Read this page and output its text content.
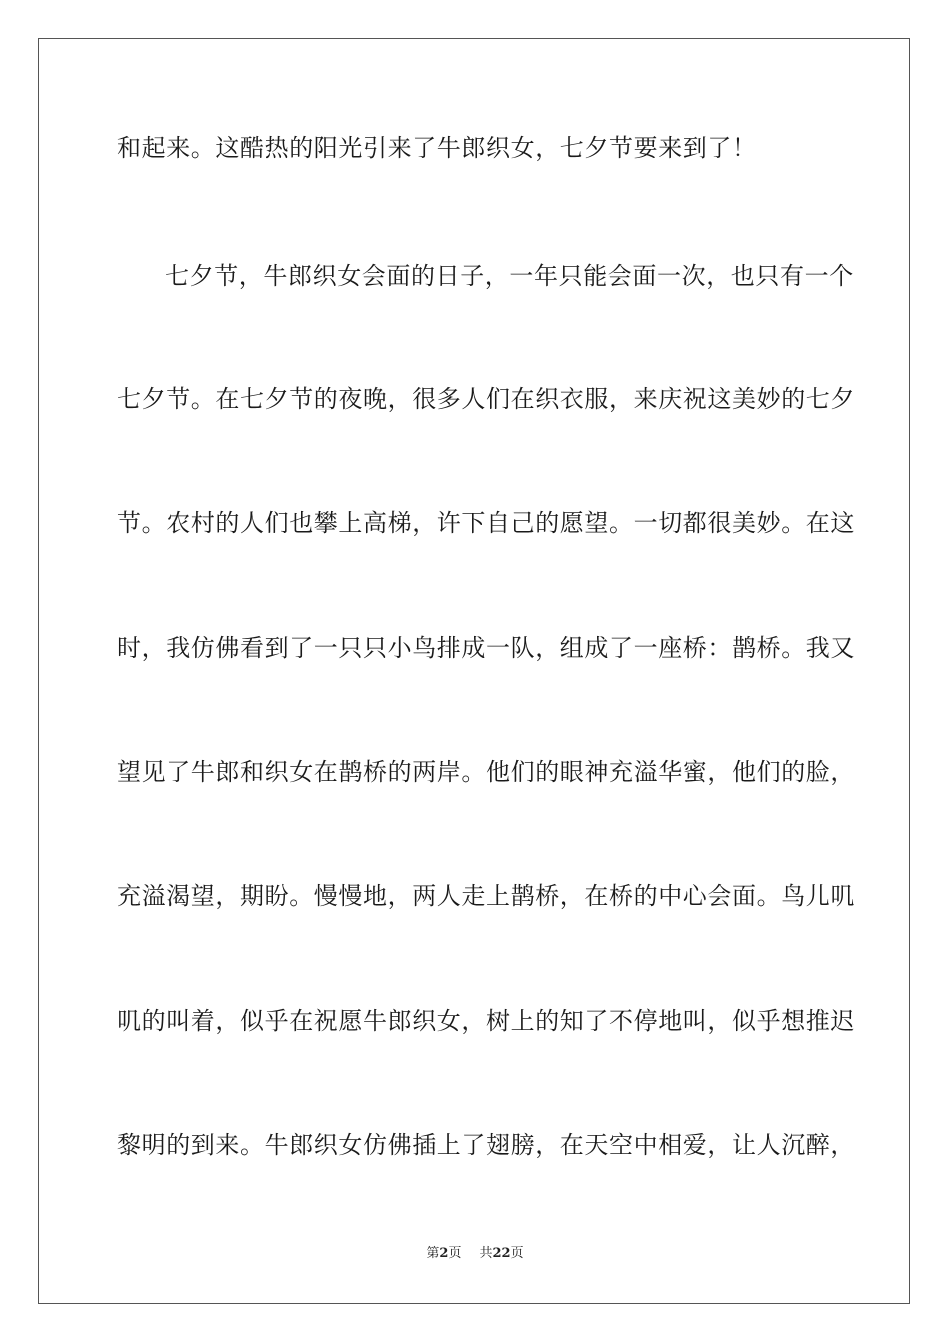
和起来。这酷热的阳光引来了牛郎织女，七夕节要来到了！
七夕节，牛郎织女会面的日子，一年只能会面一次，也只有一个
七夕节。在七夕节的夜晚，很多人们在织衣服，来庆祝这美妙的七夕
节。农村的人们也攀上高梯，许下自己的愿望。一切都很美妙。在这
时，我仿佛看到了一只只小鸟排成一队，组成了一座桥：鹊桥。我又
望见了牛郎和织女在鹊桥的两岸。他们的眼神充溢华蜜，他们的脸，
充溢渴望，期盼。慢慢地，两人走上鹊桥，在桥的中心会面。鸟儿叽
叽的叫着，似乎在祝愿牛郎织女，树上的知了不停地叫，似乎想推迟
黎明的到来。牛郎织女仿佛插上了翅膀，在天空中相爱，让人沉醉，
第2页 共22页
